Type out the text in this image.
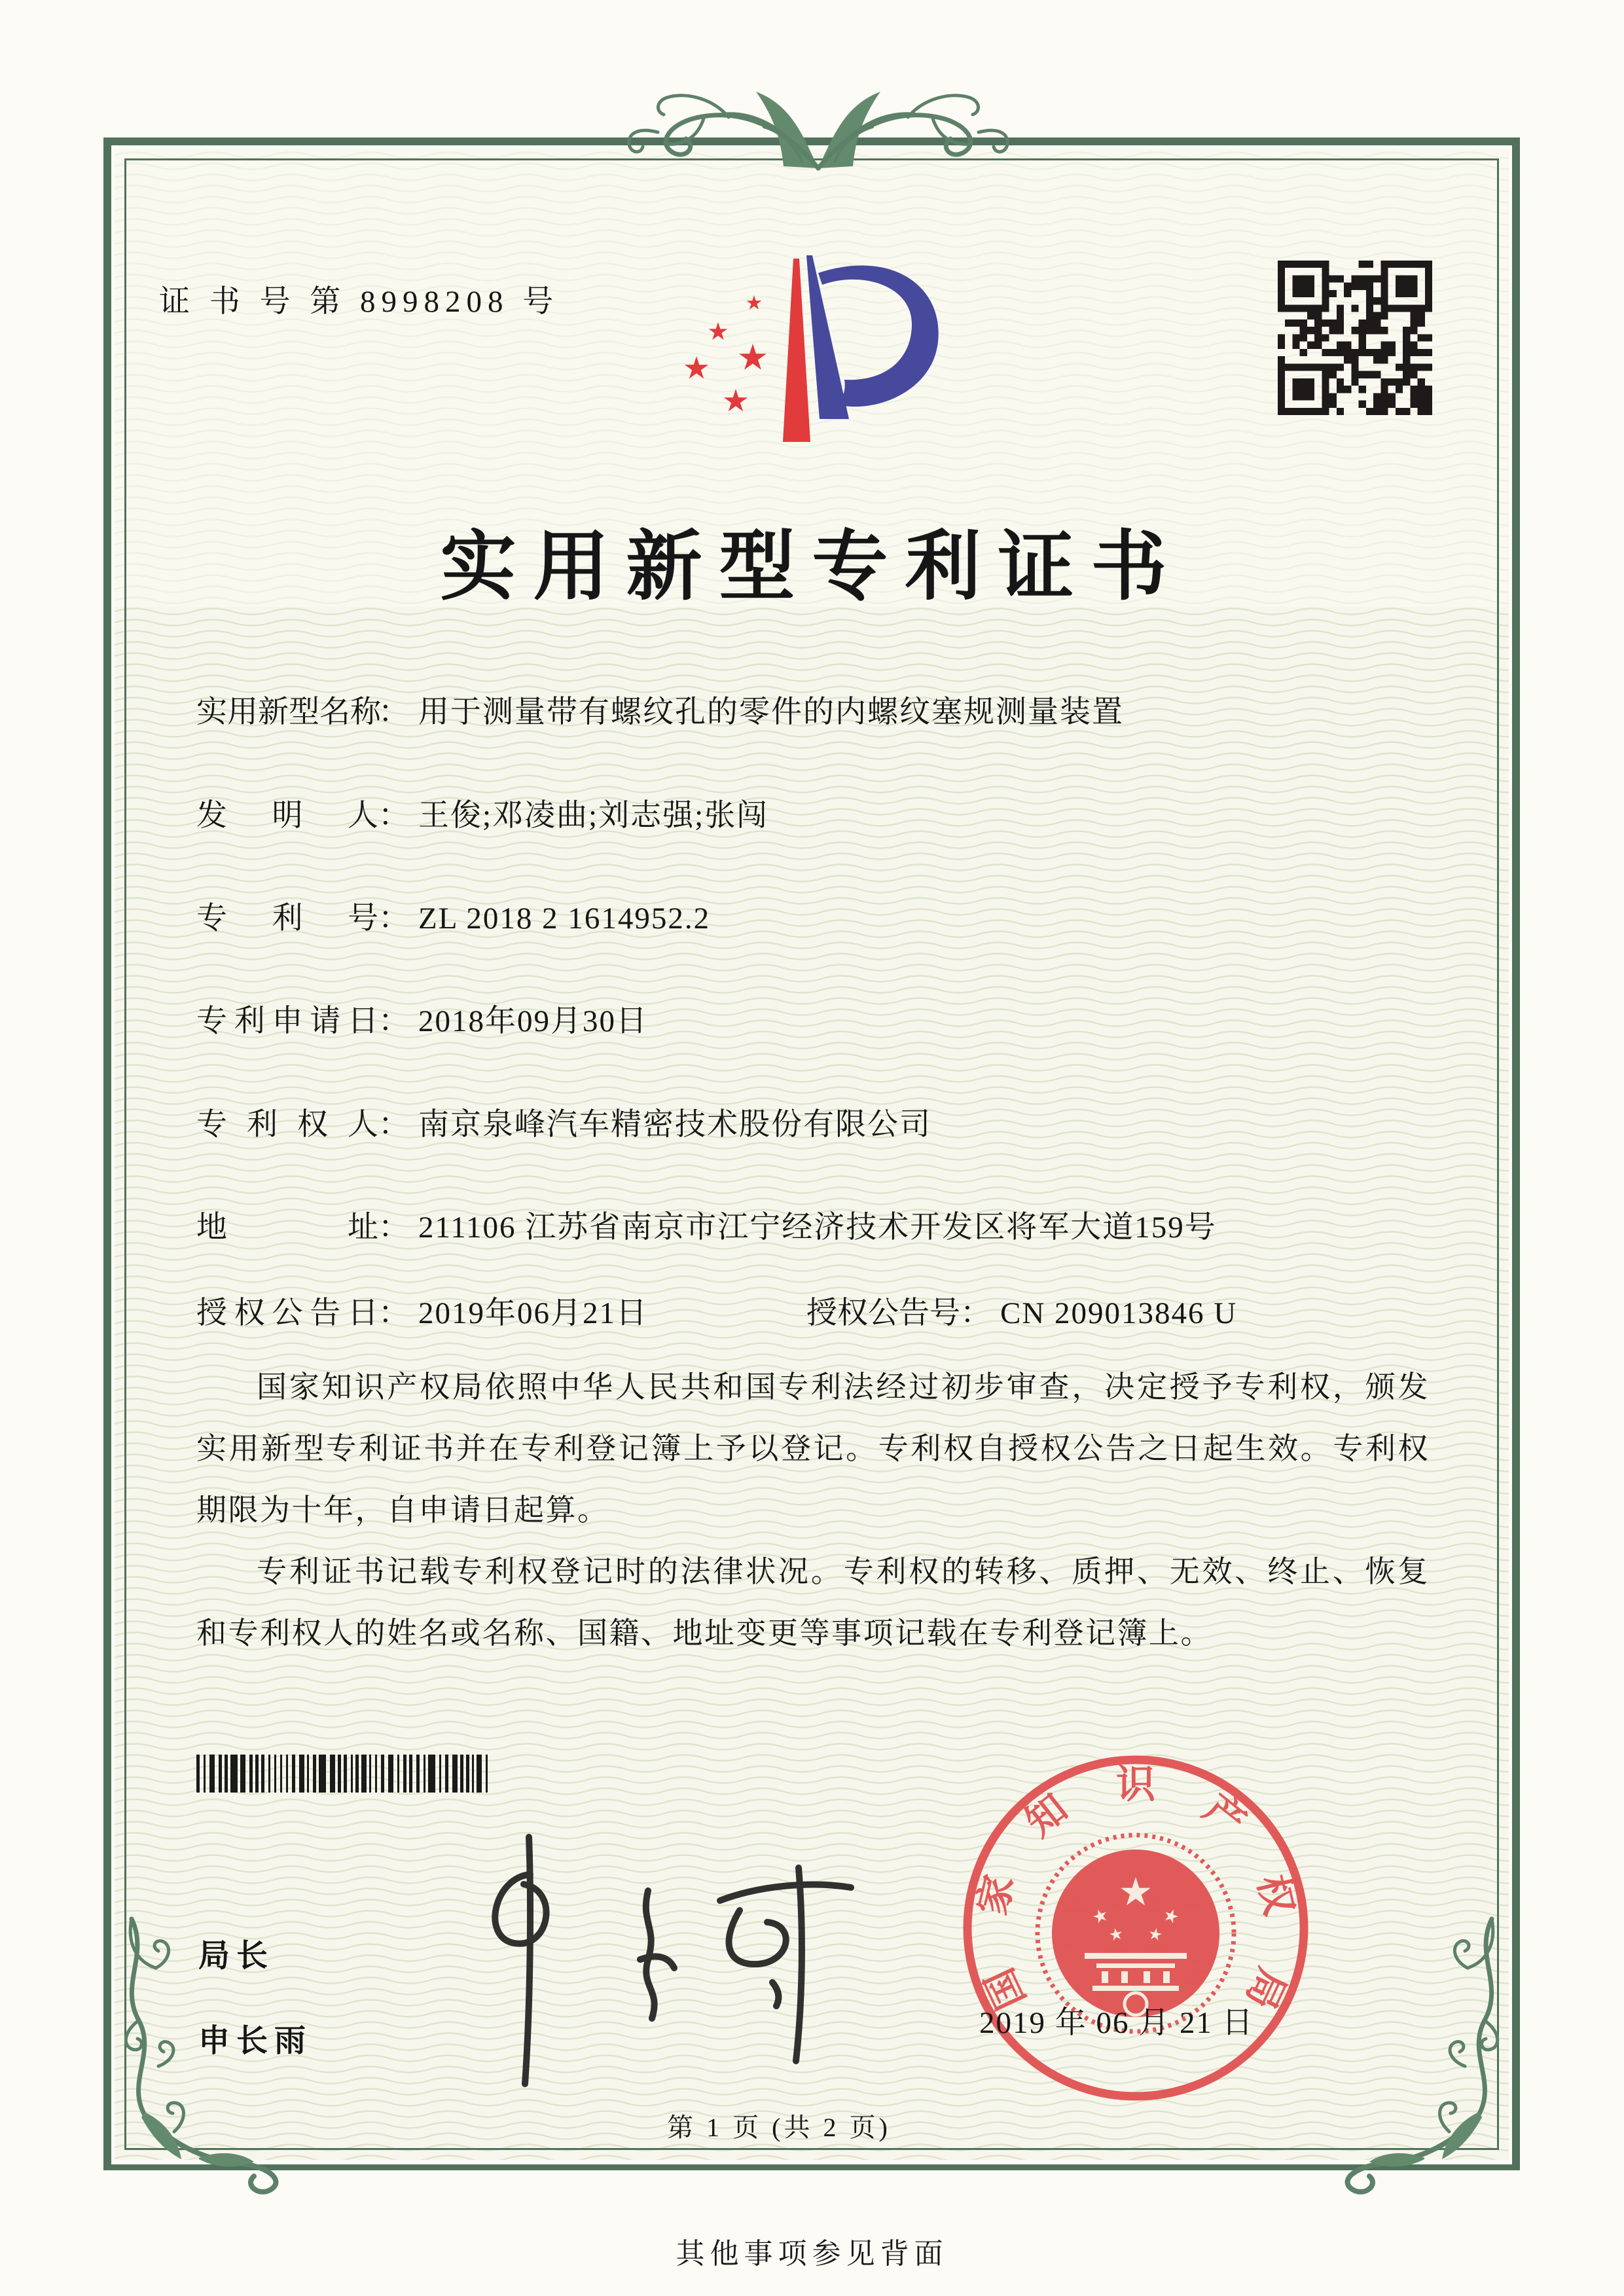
证 书 号 第 8998208 号
实用新型专利证书
实用新型名称： 用于测量带有螺纹孔的零件的内螺纹塞规测量装置
发明人： 王俊;邓凌曲;刘志强;张闯
专利号： ZL 2018 2 1614952.2
专利申请日： 2018年09月30日
专利权人： 南京泉峰汽车精密技术股份有限公司
地址： 211106 江苏省南京市江宁经济技术开发区将军大道159号
授权公告日： 2019年06月21日	授权公告号： CN 209013846 U

国家知识产权局依照中华人民共和国专利法经过初步审查，决定授予专利权，颁发实用新型专利证书并在专利登记簿上予以登记。专利权自授权公告之日起生效。专利权期限为十年，自申请日起算。

专利证书记载专利权登记时的法律状况。专利权的转移、质押、无效、终止、恢复和专利权人的姓名或名称、国籍、地址变更等事项记载在专利登记簿上。

局长
申长雨
国
家
知
识
产
权
局
2019 年 06 月 21 日
第 1 页 (共 2 页)
其他事项参见背面
